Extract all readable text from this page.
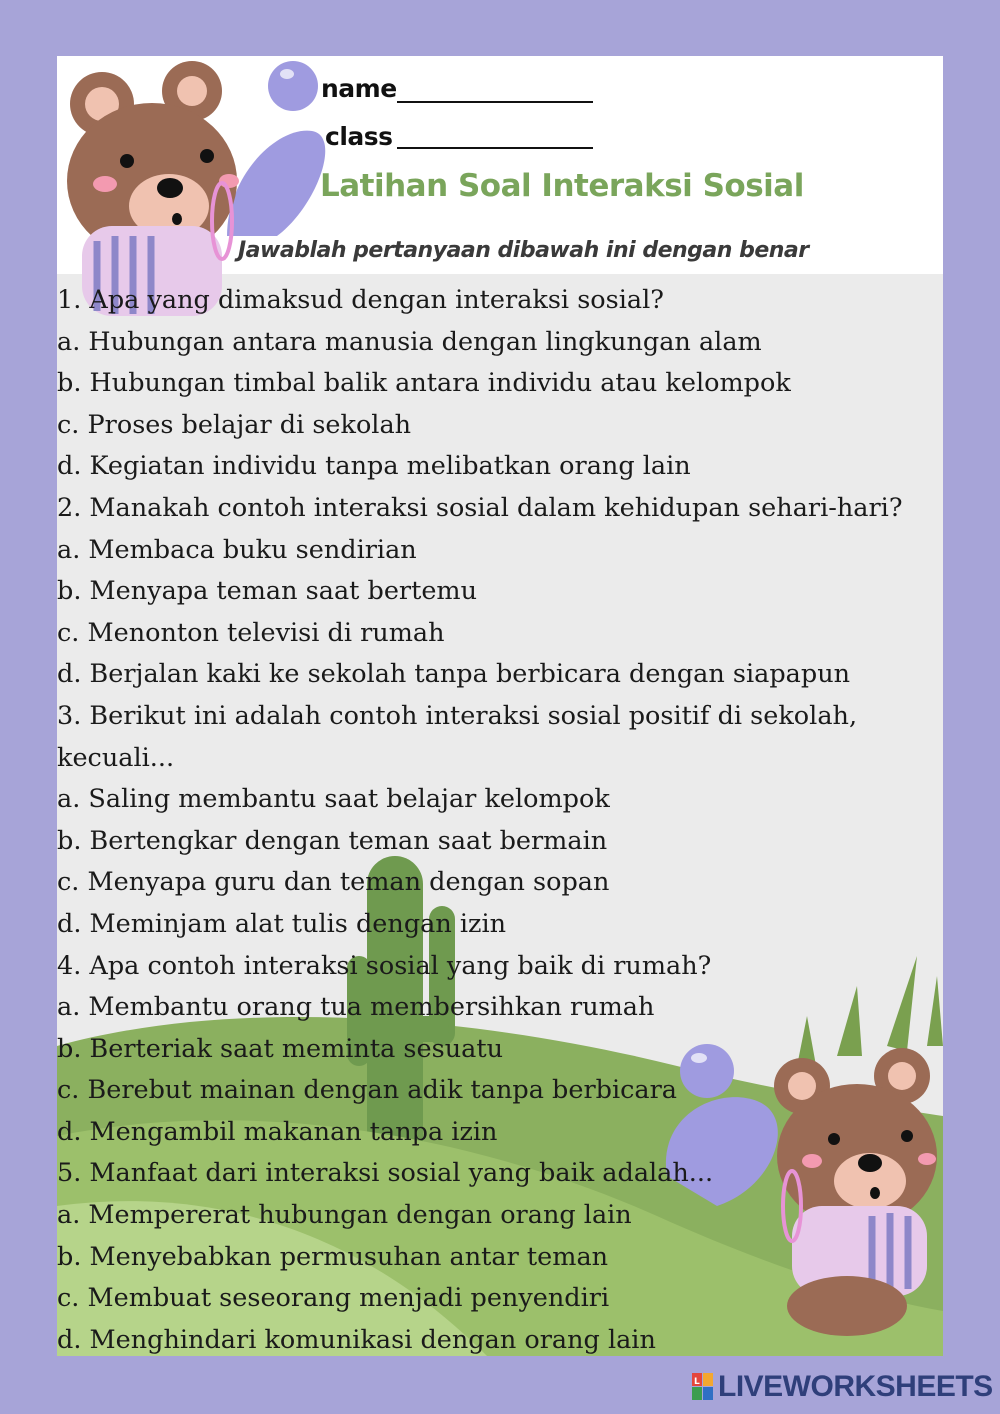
name
class
Latihan Soal Interaksi Sosial
Jawablah pertanyaan dibawah ini dengan benar
1. Apa yang dimaksud dengan interaksi sosial?
a. Hubungan antara manusia dengan lingkungan alam
b. Hubungan timbal balik antara individu atau kelompok
c. Proses belajar di sekolah
d. Kegiatan individu tanpa melibatkan orang lain
2. Manakah contoh interaksi sosial dalam kehidupan sehari-hari?
a. Membaca buku sendirian
b. Menyapa teman saat bertemu
c. Menonton televisi di rumah
d. Berjalan kaki ke sekolah tanpa berbicara dengan siapapun
3. Berikut ini adalah contoh interaksi sosial positif di sekolah, kecuali...
a. Saling membantu saat belajar kelompok
b. Bertengkar dengan teman saat bermain
c. Menyapa guru dan teman dengan sopan
d. Meminjam alat tulis dengan izin
4. Apa contoh interaksi sosial yang baik di rumah?
a. Membantu orang tua membersihkan rumah
b. Berteriak saat meminta sesuatu
c. Berebut mainan dengan adik tanpa berbicara
d. Mengambil makanan tanpa izin
5. Manfaat dari interaksi sosial yang baik adalah...
a. Mempererat hubungan dengan orang lain
b. Menyebabkan permusuhan antar teman
c. Membuat seseorang menjadi penyendiri
d. Menghindari komunikasi dengan orang lain
L LIVEWORKSHEETS
